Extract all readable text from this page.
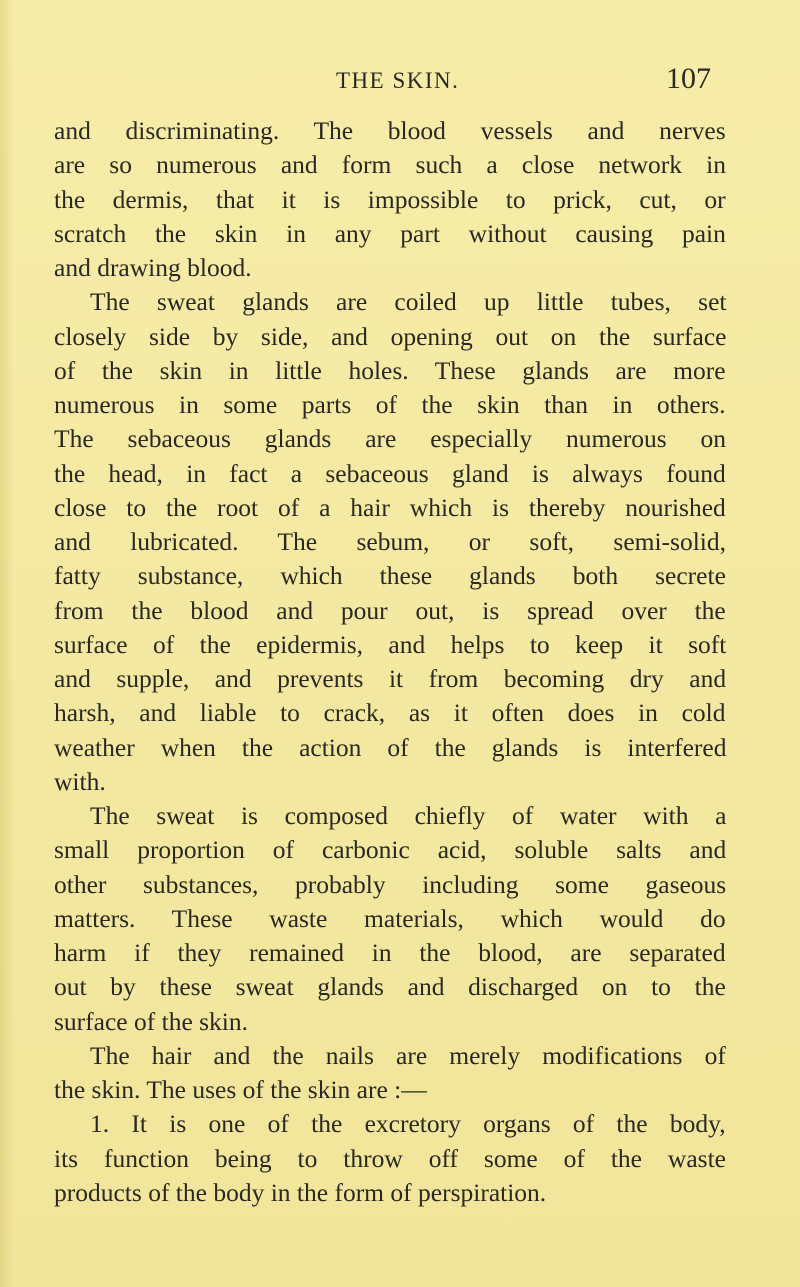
THE SKIN.	107
and discriminating. The blood vessels and nerves
are so numerous and form such a close network in
the dermis, that it is impossible to prick, cut, or
scratch the skin in any part without causing pain
and drawing blood.
The sweat glands are coiled up little tubes, set
closely side by side, and opening out on the surface
of the skin in little holes. These glands are more
numerous in some parts of the skin than in others.
The sebaceous glands are especially numerous on
the head, in fact a sebaceous gland is always found
close to the root of a hair which is thereby nourished
and lubricated. The sebum, or soft, semi-solid,
fatty substance, which these glands both secrete
from the blood and pour out, is spread over the
surface of the epidermis, and helps to keep it soft
and supple, and prevents it from becoming dry and
harsh, and liable to crack, as it often does in cold
weather when the action of the glands is interfered
with.
The sweat is composed chiefly of water with a
small proportion of carbonic acid, soluble salts and
other substances, probably including some gaseous
matters. These waste materials, which would do
harm if they remained in the blood, are separated
out by these sweat glands and discharged on to the
surface of the skin.
The hair and the nails are merely modifications of
the skin. The uses of the skin are :—
1. It is one of the excretory organs of the body,
its function being to throw off some of the waste
products of the body in the form of perspiration.
